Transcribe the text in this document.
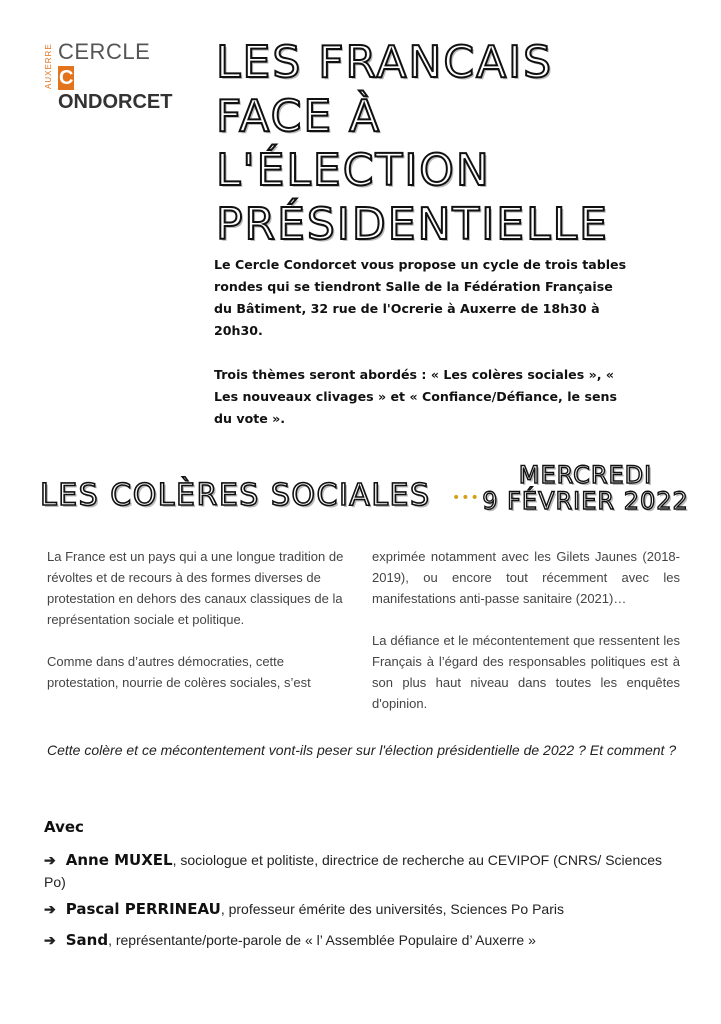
AUXERRE CERCLE
CONDORCET
LES FRANCAIS
FACE À
L'ÉLECTION
PRÉSIDENTIELLE

Le Cercle Condorcet vous propose un cycle de trois tables rondes qui se tiendront Salle de la Fédération Française du Bâtiment, 32 rue de l'Ocrerie à Auxerre de 18h30 à 20h30.

Trois thèmes seront abordés : « Les colères sociales », « Les nouveaux clivages » et « Confiance/Défiance, le sens du vote ».

LES COLÈRES SOCIALES •••
MERCREDI
9 FÉVRIER 2022

La France est un pays qui a une longue tradition de révoltes et de recours à des formes diverses de protestation en dehors des canaux classiques de la représentation sociale et politique.

Comme dans d’autres démocraties, cette protestation, nourrie de colères sociales, s’est

exprimée notamment avec les Gilets Jaunes (2018-2019), ou encore tout récemment avec les manifestations anti-passe sanitaire (2021)…

La défiance et le mécontentement que ressentent les Français à l’égard des responsables politiques est à son plus haut niveau dans toutes les enquêtes d'opinion.

Cette colère et ce mécontentement vont-ils peser sur l'élection présidentielle de 2022 ? Et comment ?
Avec
➔ Anne MUXEL, sociologue et politiste, directrice de recherche au CEVIPOF (CNRS/ Sciences Po)
➔ Pascal PERRINEAU, professeur émérite des universités, Sciences Po Paris
➔ Sand, représentante/porte-parole de « l’ Assemblée Populaire d’ Auxerre »
